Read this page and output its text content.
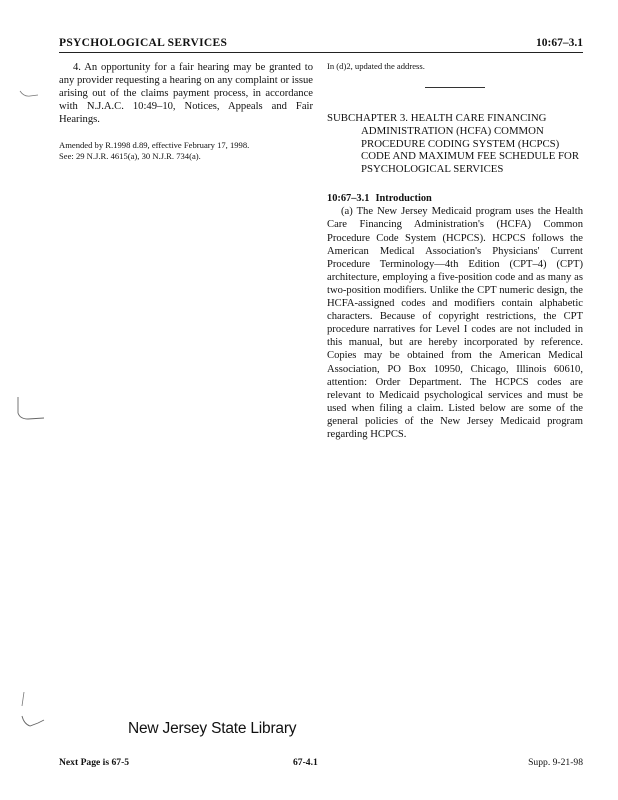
PSYCHOLOGICAL SERVICES	10:67–3.1

4. An opportunity for a fair hearing may be granted to any provider requesting a hearing on any complaint or issue arising out of the claims payment process, in accordance with N.J.A.C. 10:49–10, Notices, Appeals and Fair Hearings.

Amended by R.1998 d.89, effective February 17, 1998.

See: 29 N.J.R. 4615(a), 30 N.J.R. 734(a).

In (d)2, updated the address.

SUBCHAPTER 3. HEALTH CARE FINANCING ADMINISTRATION (HCFA) COMMON PROCEDURE CODING SYSTEM (HCPCS) CODE AND MAXIMUM FEE SCHEDULE FOR PSYCHOLOGICAL SERVICES

10:67–3.1 Introduction

(a) The New Jersey Medicaid program uses the Health Care Financing Administration's (HCFA) Common Procedure Code System (HCPCS). HCPCS follows the American Medical Association's Physicians' Current Procedure Terminology—4th Edition (CPT–4) (CPT) architecture, employing a five-position code and as many as two-position modifiers. Unlike the CPT numeric design, the HCFA-assigned codes and modifiers contain alphabetic characters. Because of copyright restrictions, the CPT procedure narratives for Level I codes are not included in this manual, but are hereby incorporated by reference. Copies may be obtained from the American Medical Association, PO Box 10950, Chicago, Illinois 60610, attention: Order Department. The HCPCS codes are relevant to Medicaid psychological services and must be used when filing a claim. Listed below are some of the general policies of the New Jersey Medicaid program regarding HCPCS.

New Jersey State Library
Next Page is 67-5	67-4.1	Supp. 9-21-98
